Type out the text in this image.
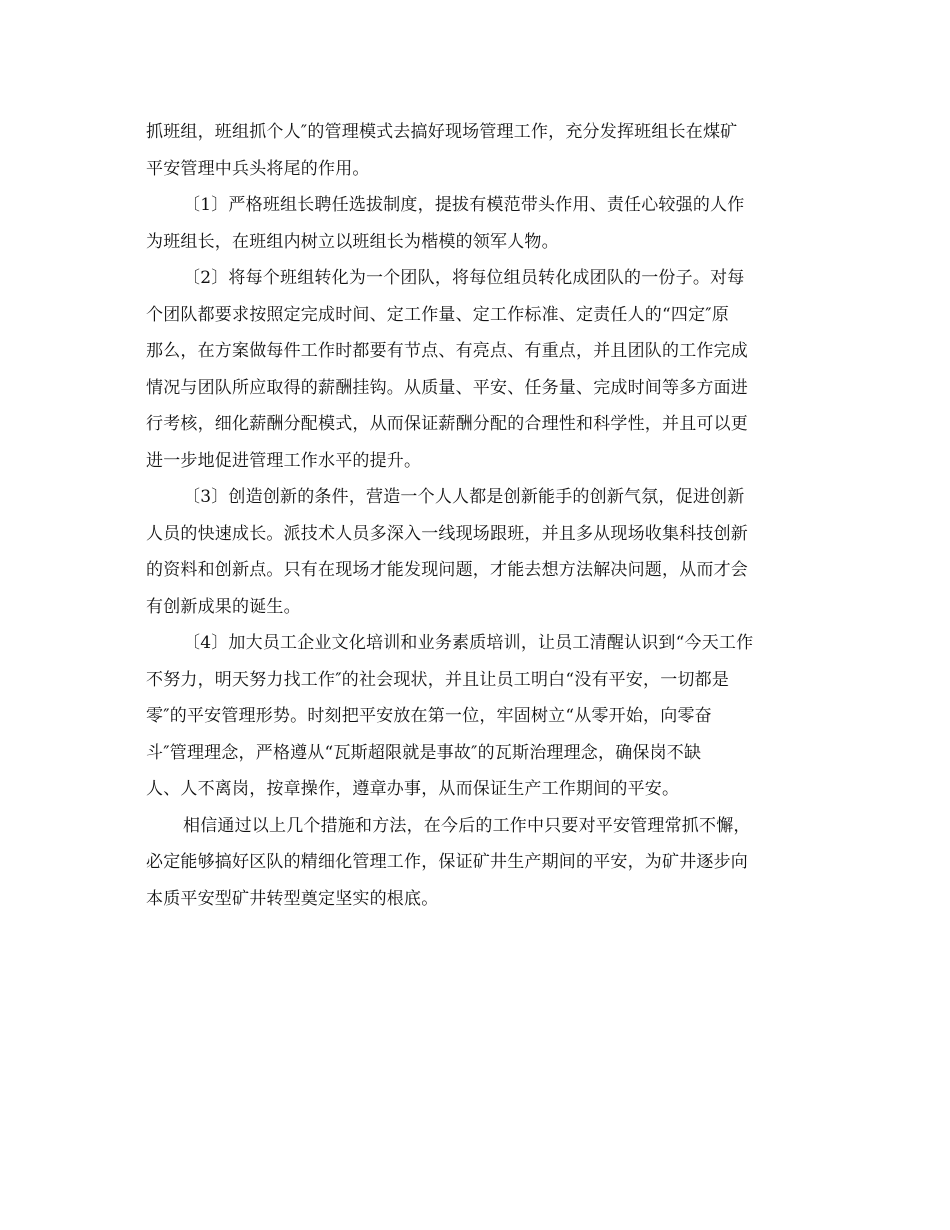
抓班组，班组抓个人″的管理模式去搞好现场管理工作，充分发挥班组长在煤矿
平安管理中兵头将尾的作用。
〔1〕严格班组长聘任选拔制度，提拔有模范带头作用、责任心较强的人作
为班组长，在班组内树立以班组长为楷模的领军人物。
〔2〕将每个班组转化为一个团队，将每位组员转化成团队的一份子。对每
个团队都要求按照定完成时间、定工作量、定工作标准、定责任人的“四定″原
那么，在方案做每件工作时都要有节点、有亮点、有重点，并且团队的工作完成
情况与团队所应取得的薪酬挂钩。从质量、平安、任务量、完成时间等多方面进
行考核，细化薪酬分配模式，从而保证薪酬分配的合理性和科学性，并且可以更
进一步地促进管理工作水平的提升。
〔3〕创造创新的条件，营造一个人人都是创新能手的创新气氛，促进创新
人员的快速成长。派技术人员多深入一线现场跟班，并且多从现场收集科技创新
的资料和创新点。只有在现场才能发现问题，才能去想方法解决问题，从而才会
有创新成果的诞生。
〔4〕加大员工企业文化培训和业务素质培训，让员工清醒认识到“今天工作
不努力，明天努力找工作″的社会现状，并且让员工明白“没有平安，一切都是
零″的平安管理形势。时刻把平安放在第一位，牢固树立“从零开始，向零奋
斗″管理理念，严格遵从“瓦斯超限就是事故″的瓦斯治理理念，确保岗不缺
人、人不离岗，按章操作，遵章办事，从而保证生产工作期间的平安。
相信通过以上几个措施和方法，在今后的工作中只要对平安管理常抓不懈，
必定能够搞好区队的精细化管理工作，保证矿井生产期间的平安，为矿井逐步向
本质平安型矿井转型奠定坚实的根底。
